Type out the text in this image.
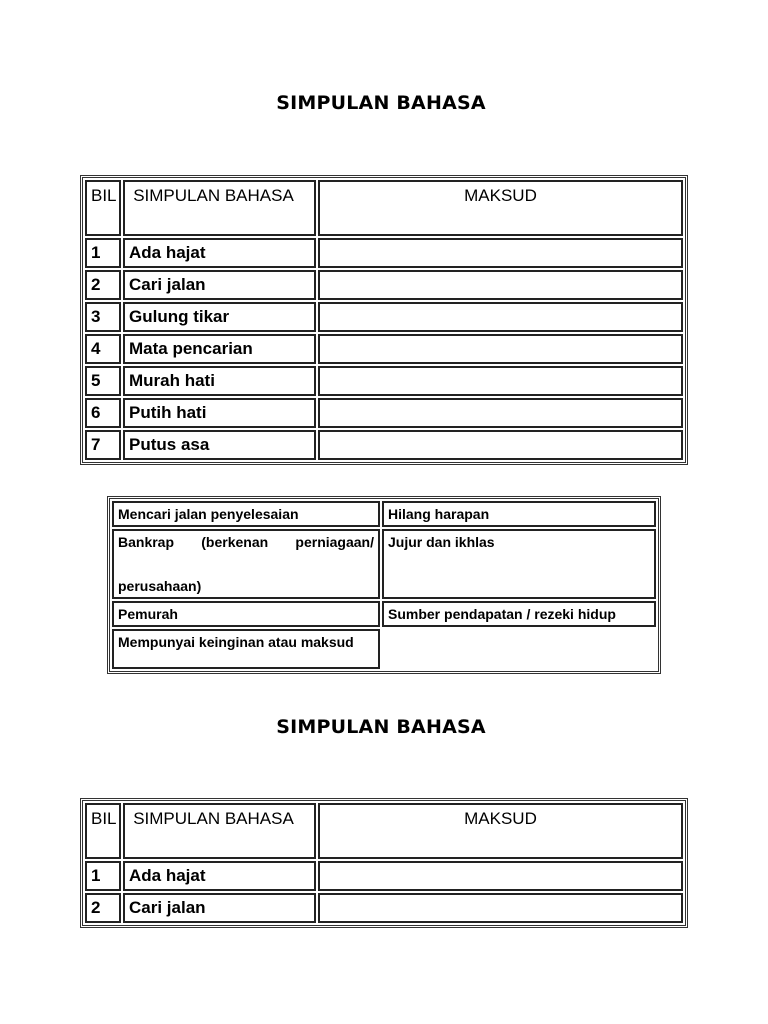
SIMPULAN BAHASA
BIL	SIMPULAN BAHASA	MAKSUD
1	Ada hajat	
2	Cari jalan	
3	Gulung tikar	
4	Mata pencarian	
5	Murah hati	
6	Putih hati	
7	Putus asa	
Mencari jalan penyelesaian	Hilang harapan

Bankrap (berkenan perniagaan/
perusahaan)	Jujur dan ikhlas
Pemurah	Sumber pendapatan / rezeki hidup
Mempunyai keinginan atau maksud	
SIMPULAN BAHASA
BIL	SIMPULAN BAHASA	MAKSUD
1	Ada hajat	
2	Cari jalan	
